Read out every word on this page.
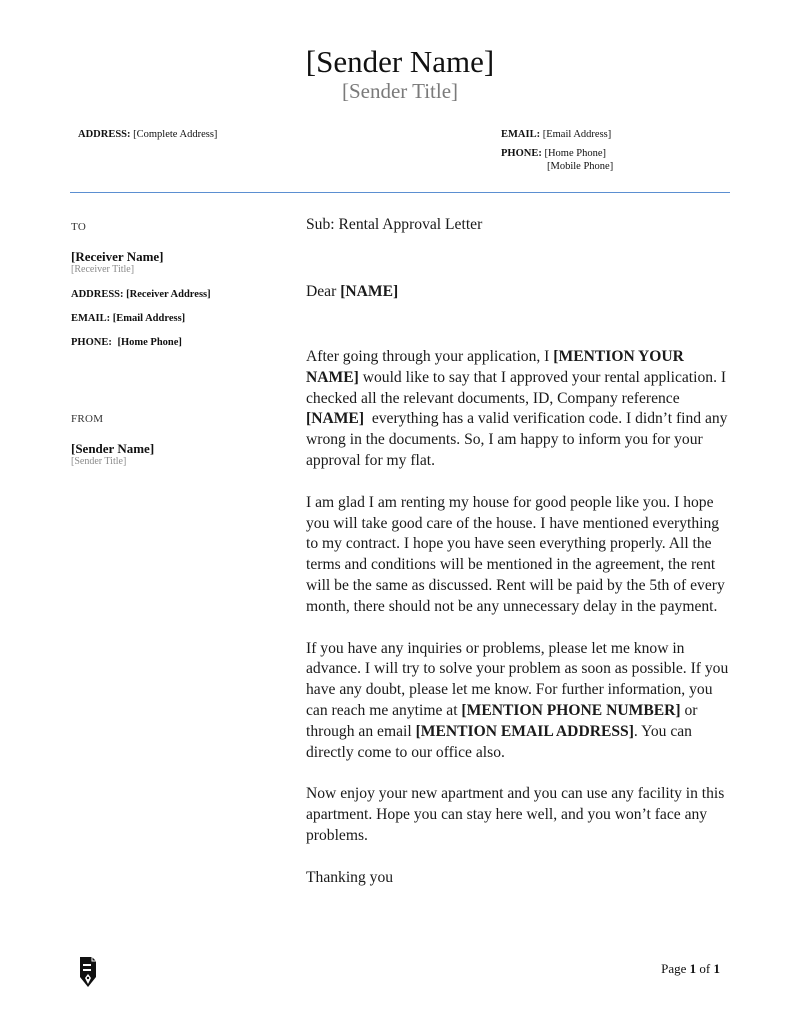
[Sender Name]
[Sender Title]
ADDRESS: [Complete Address]	EMAIL: [Email Address]
PHONE: [Home Phone]
[Mobile Phone]
TO
[Receiver Name]
[Receiver Title]
ADDRESS: [Receiver Address]
EMAIL: [Email Address]
PHONE: [Home Phone]
FROM
[Sender Name]
[Sender Title]
Sub: Rental Approval Letter
Dear [NAME]

After going through your application, I [MENTION YOUR NAME] would like to say that I approved your rental application. I checked all the relevant documents, ID, Company reference  [NAME]  everything has a valid verification code. I didn’t find any wrong in the documents. So, I am happy to inform you for your approval for my flat.

I am glad I am renting my house for good people like you. I hope you will take good care of the house. I have mentioned everything to my contract. I hope you have seen everything properly. All the terms and conditions will be mentioned in the agreement, the rent will be the same as discussed. Rent will be paid by the 5th of every month, there should not be any unnecessary delay in the payment.

If you have any inquiries or problems, please let me know in advance. I will try to solve your problem as soon as possible. If you have any doubt, please let me know. For further information, you can reach me anytime at [MENTION PHONE NUMBER] or through an email [MENTION EMAIL ADDRESS]. You can directly come to our office also.

Now enjoy your new apartment and you can use any facility in this apartment. Hope you can stay here well, and you won’t face any problems.

Thanking you

Page 1 of 1
